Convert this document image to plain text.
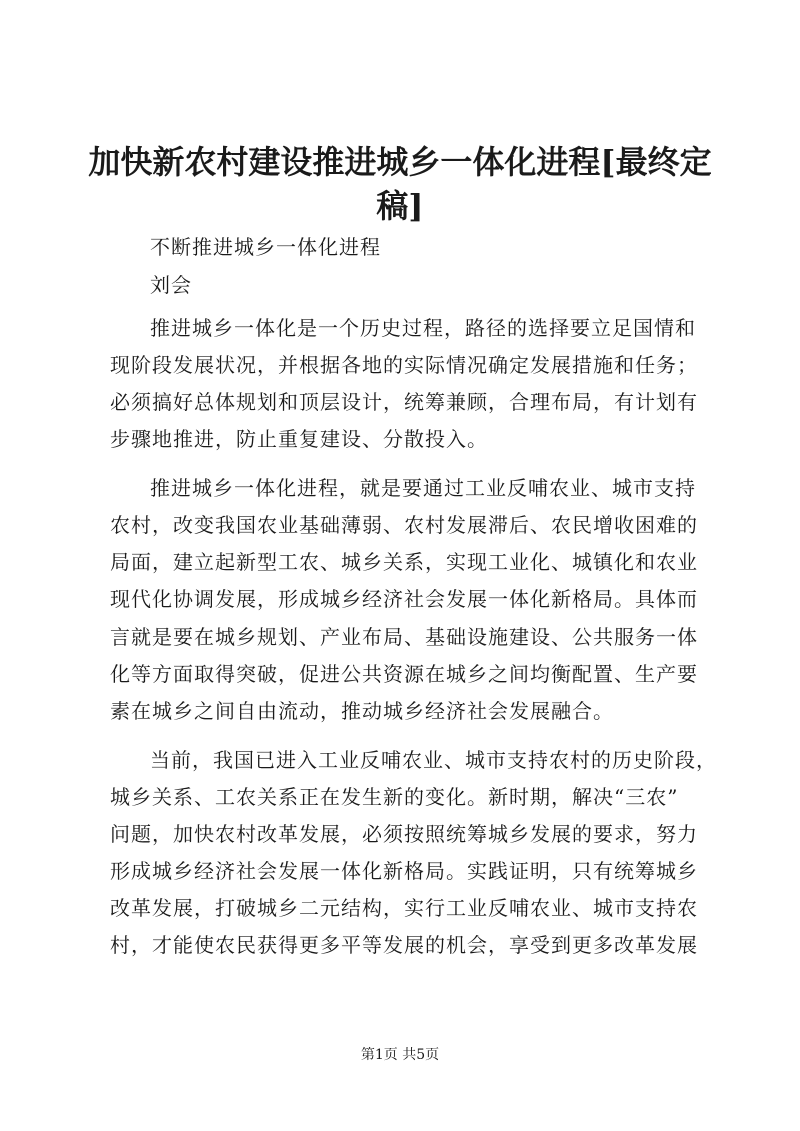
加快新农村建设推进城乡一体化进程[最终定
稿]
不断推进城乡一体化进程
刘会
推进城乡一体化是一个历史过程，路径的选择要立足国情和
现阶段发展状况，并根据各地的实际情况确定发展措施和任务；
必须搞好总体规划和顶层设计，统筹兼顾，合理布局，有计划有
步骤地推进，防止重复建设、分散投入。
推进城乡一体化进程，就是要通过工业反哺农业、城市支持
农村，改变我国农业基础薄弱、农村发展滞后、农民增收困难的
局面，建立起新型工农、城乡关系，实现工业化、城镇化和农业
现代化协调发展，形成城乡经济社会发展一体化新格局。具体而
言就是要在城乡规划、产业布局、基础设施建设、公共服务一体
化等方面取得突破，促进公共资源在城乡之间均衡配置、生产要
素在城乡之间自由流动，推动城乡经济社会发展融合。
当前，我国已进入工业反哺农业、城市支持农村的历史阶段，
城乡关系、工农关系正在发生新的变化。新时期，解决“三农”
问题，加快农村改革发展，必须按照统筹城乡发展的要求，努力
形成城乡经济社会发展一体化新格局。实践证明，只有统筹城乡
改革发展，打破城乡二元结构，实行工业反哺农业、城市支持农
村，才能使农民获得更多平等发展的机会，享受到更多改革发展
第1页 共5页
